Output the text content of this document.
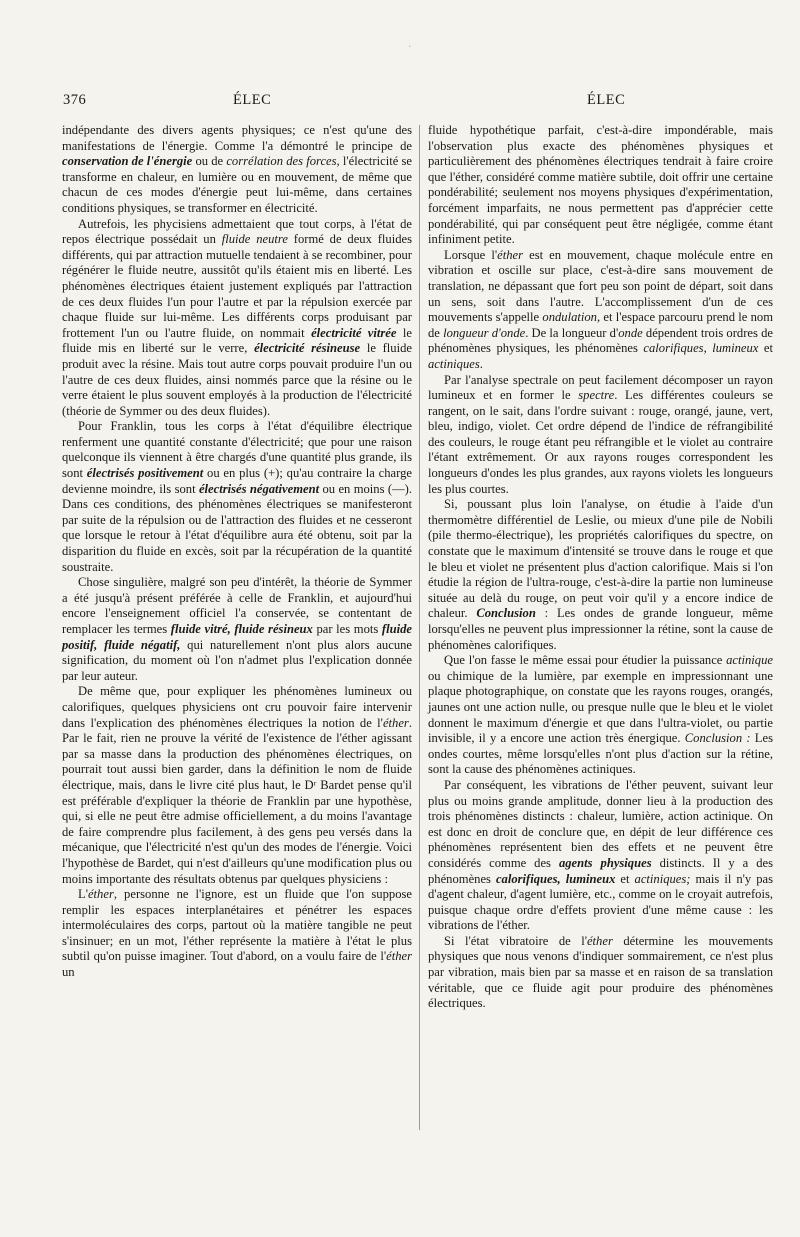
·
376	ÉLEC	ÉLEC

indépendante des divers agents physiques; ce n'est qu'une des manifestations de l'énergie. Comme l'a démontré le principe de conservation de l'énergie ou de corrélation des forces, l'électricité se transforme en chaleur, en lumière ou en mouvement, de même que chacun de ces modes d'énergie peut lui-même, dans certaines conditions physiques, se transformer en électricité.

Autrefois, les phycisiens admettaient que tout corps, à l'état de repos électrique possédait un fluide neutre formé de deux fluides différents, qui par attraction mutuelle tendaient à se recombiner, pour régénérer le fluide neutre, aussitôt qu'ils étaient mis en liberté. Les phénomènes électriques étaient justement expliqués par l'attraction de ces deux fluides l'un pour l'autre et par la répulsion exercée par chaque fluide sur lui-même. Les différents corps produisant par frottement l'un ou l'autre fluide, on nommait électricité vitrée le fluide mis en liberté sur le verre, électricité résineuse le fluide produit avec la résine. Mais tout autre corps pouvait produire l'un ou l'autre de ces deux fluides, ainsi nommés parce que la résine ou le verre étaient le plus souvent employés à la production de l'électricité (théorie de Symmer ou des deux fluides).

Pour Franklin, tous les corps à l'état d'équilibre électrique renferment une quantité constante d'électricité; que pour une raison quelconque ils viennent à être chargés d'une quantité plus grande, ils sont électrisés positivement ou en plus (+); qu'au contraire la charge devienne moindre, ils sont électrisés négativement ou en moins (—). Dans ces conditions, des phénomènes électriques se manifesteront par suite de la répulsion ou de l'attraction des fluides et ne cesseront que lorsque le retour à l'état d'équilibre aura été obtenu, soit par la disparition du fluide en excès, soit par la récupération de la quantité soustraite.

Chose singulière, malgré son peu d'intérêt, la théorie de Symmer a été jusqu'à présent préférée à celle de Franklin, et aujourd'hui encore l'enseignement officiel l'a conservée, se contentant de remplacer les termes fluide vitré, fluide résineux par les mots fluide positif, fluide négatif, qui naturellement n'ont plus alors aucune signification, du moment où l'on n'admet plus l'explication donnée par leur auteur.

De même que, pour expliquer les phénomènes lumineux ou calorifiques, quelques physiciens ont cru pouvoir faire intervenir dans l'explication des phénomènes électriques la notion de l'éther. Par le fait, rien ne prouve la vérité de l'existence de l'éther agissant par sa masse dans la production des phénomènes électriques, on pourrait tout aussi bien garder, dans la définition le nom de fluide électrique, mais, dans le livre cité plus haut, le Dʳ Bardet pense qu'il est préférable d'expliquer la théorie de Franklin par une hypothèse, qui, si elle ne peut être admise officiellement, a du moins l'avantage de faire comprendre plus facilement, à des gens peu versés dans la mécanique, que l'électricité n'est qu'un des modes de l'énergie. Voici l'hypothèse de Bardet, qui n'est d'ailleurs qu'une modification plus ou moins importante des résultats obtenus par quelques physiciens :

L'éther, personne ne l'ignore, est un fluide que l'on suppose remplir les espaces interplanétaires et pénétrer les espaces intermoléculaires des corps, partout où la matière tangible ne peut s'insinuer; en un mot, l'éther représente la matière à l'état le plus subtil qu'on puisse imaginer. Tout d'abord, on a voulu faire de l'éther un

fluide hypothétique parfait, c'est-à-dire impondérable, mais l'observation plus exacte des phénomènes physiques et particulièrement des phénomènes électriques tendrait à faire croire que l'éther, considéré comme matière subtile, doit offrir une certaine pondérabilité; seulement nos moyens physiques d'expérimentation, forcément imparfaits, ne nous permettent pas d'apprécier cette pondérabilité, qui par conséquent peut être négligée, comme étant infiniment petite.

Lorsque l'éther est en mouvement, chaque molécule entre en vibration et oscille sur place, c'est-à-dire sans mouvement de translation, ne dépassant que fort peu son point de départ, soit dans un sens, soit dans l'autre. L'accomplissement d'un de ces mouvements s'appelle ondulation, et l'espace parcouru prend le nom de longueur d'onde. De la longueur d'onde dépendent trois ordres de phénomènes physiques, les phénomènes calorifiques, lumineux et actiniques.

Par l'analyse spectrale on peut facilement décomposer un rayon lumineux et en former le spectre. Les différentes couleurs se rangent, on le sait, dans l'ordre suivant : rouge, orangé, jaune, vert, bleu, indigo, violet. Cet ordre dépend de l'indice de réfrangibilité des couleurs, le rouge étant peu réfrangible et le violet au contraire l'étant extrêmement. Or aux rayons rouges correspondent les longueurs d'ondes les plus grandes, aux rayons violets les longueurs les plus courtes.

Si, poussant plus loin l'analyse, on étudie à l'aide d'un thermomètre différentiel de Leslie, ou mieux d'une pile de Nobili (pile thermo-électrique), les propriétés calorifiques du spectre, on constate que le maximum d'intensité se trouve dans le rouge et que le bleu et violet ne présentent plus d'action calorifique. Mais si l'on étudie la région de l'ultra-rouge, c'est-à-dire la partie non lumineuse située au delà du rouge, on peut voir qu'il y a encore indice de chaleur. Conclusion : Les ondes de grande longueur, même lorsqu'elles ne peuvent plus impressionner la rétine, sont la cause de phénomènes calorifiques.

Que l'on fasse le même essai pour étudier la puissance actinique ou chimique de la lumière, par exemple en impressionnant une plaque photographique, on constate que les rayons rouges, orangés, jaunes ont une action nulle, ou presque nulle que le bleu et le violet donnent le maximum d'énergie et que dans l'ultra-violet, ou partie invisible, il y a encore une action très énergique. Conclusion : Les ondes courtes, même lorsqu'elles n'ont plus d'action sur la rétine, sont la cause des phénomènes actiniques.

Par conséquent, les vibrations de l'éther peuvent, suivant leur plus ou moins grande amplitude, donner lieu à la production des trois phénomènes distincts : chaleur, lumière, action actinique. On est donc en droit de conclure que, en dépit de leur différence ces phénomènes représentent bien des effets et ne peuvent être considérés comme des agents physiques distincts. Il y a des phénomènes calorifiques, lumineux et actiniques; mais il n'y pas d'agent chaleur, d'agent lumière, etc., comme on le croyait autrefois, puisque chaque ordre d'effets provient d'une même cause : les vibrations de l'éther.

Si l'état vibratoire de l'éther détermine les mouvements physiques que nous venons d'indiquer sommairement, ce n'est plus par vibration, mais bien par sa masse et en raison de sa translation véritable, que ce fluide agit pour produire des phénomènes électriques.
